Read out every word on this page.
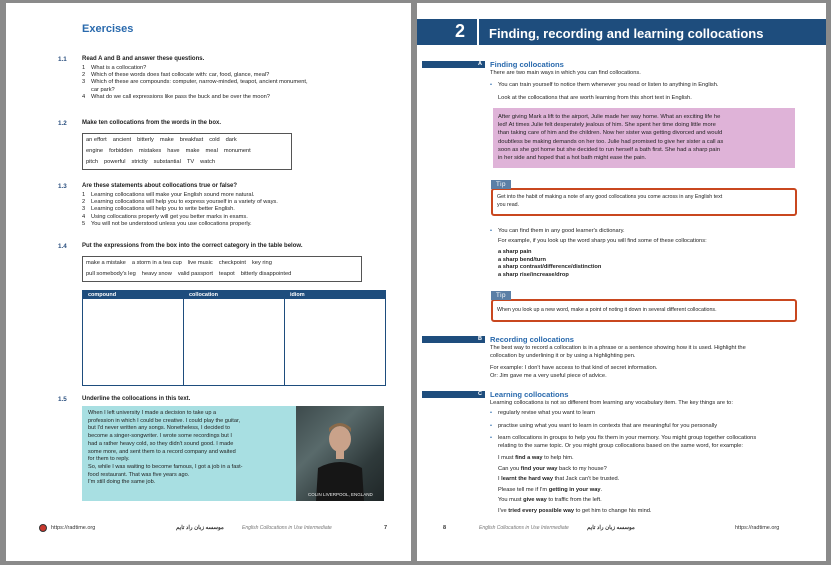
Exercises
1.1	Read A and B and answer these questions.
1 What is a collocation?
2 Which of these words does fast collocate with: car, food, glance, meal?
3 Which of these are compounds: computer, narrow-minded, teapot, ancient monument,
car park?
4 What do we call expressions like pass the buck and be over the moon?
1.2	Make ten collocations from the words in the box.
an effort ancient bitterly make breakfast cold dark
engine forbidden mistakes have make meal monument
pitch powerful strictly substantial TV watch
1.3	Are these statements about collocations true or false?
1 Learning collocations will make your English sound more natural.
2 Learning collocations will help you to express yourself in a variety of ways.
3 Learning collocations will help you to write better English.
4 Using collocations properly will get you better marks in exams.
5 You will not be understood unless you use collocations properly.
1.4	Put the expressions from the box into the correct category in the table below.
make a mistake a storm in a tea cup live music checkpoint key ring
pull somebody's leg heavy snow valid passport teapot bitterly disappointed
compound	collocation	idiom
1.5	Underline the collocations in this text.
When I left university I made a decision to take up a
profession in which I could be creative. I could play the guitar,
but I'd never written any songs. Nonetheless, I decided to
become a singer-songwriter. I wrote some recordings but I
had a rather heavy cold, so they didn't sound good. I made
some more, and sent them to a record company and waited
for them to reply.
So, while I was waiting to become famous, I got a job in a fast-
food restaurant. That was five years ago.
I'm still doing the same job.
COLIN LIVERPOOL, ENGLAND
https://radtime.org	موسسه زبان راد تایم	English Collocations in Use Intermediate	7
2 Finding, recording and learning collocations
A	Finding collocations
There are two main ways in which you can find collocations.
• You can train yourself to notice them whenever you read or listen to anything in English.
Look at the collocations that are worth learning from this short text in English.
After giving Mark a lift to the airport, Julie made her way home. What an exciting life he
led! At times Julie felt desperately jealous of him. She spent her time doing little more
than taking care of him and the children. Now her sister was getting divorced and would
doubtless be making demands on her too. Julie had promised to give her sister a call as
soon as she got home but she decided to run herself a bath first. She had a sharp pain
in her side and hoped that a hot bath might ease the pain.
Tip
Get into the habit of making a note of any good collocations you come across in any English text
you read.
• You can find them in any good learner's dictionary.
For example, if you look up the word sharp you will find some of these collocations:
a sharp pain
a sharp bend/turn
a sharp contrast/difference/distinction
a sharp rise/increase/drop
Tip
When you look up a new word, make a point of noting it down in several different collocations.
B	Recording collocations
The best way to record a collocation is in a phrase or a sentence showing how it is used. Highlight the
collocation by underlining it or by using a highlighting pen.
For example: I don't have access to that kind of secret information.
Or: Jim gave me a very useful piece of advice.
C	Learning collocations
Learning collocations is not so different from learning any vocabulary item. The key things are to:
• regularly revise what you want to learn
• practise using what you want to learn in contexts that are meaningful for you personally
• learn collocations in groups to help you fix them in your memory. You might group together collocations
relating to the same topic. Or you might group collocations based on the same word, for example:
I must find a way to help him.
Can you find your way back to my house?
I learnt the hard way that Jack can't be trusted.
Please tell me if I'm getting in your way.
You must give way to traffic from the left.
I've tried every possible way to get him to change his mind.
8	English Collocations in Use Intermediate	موسسه زبان راد تایم	https://radtime.org
